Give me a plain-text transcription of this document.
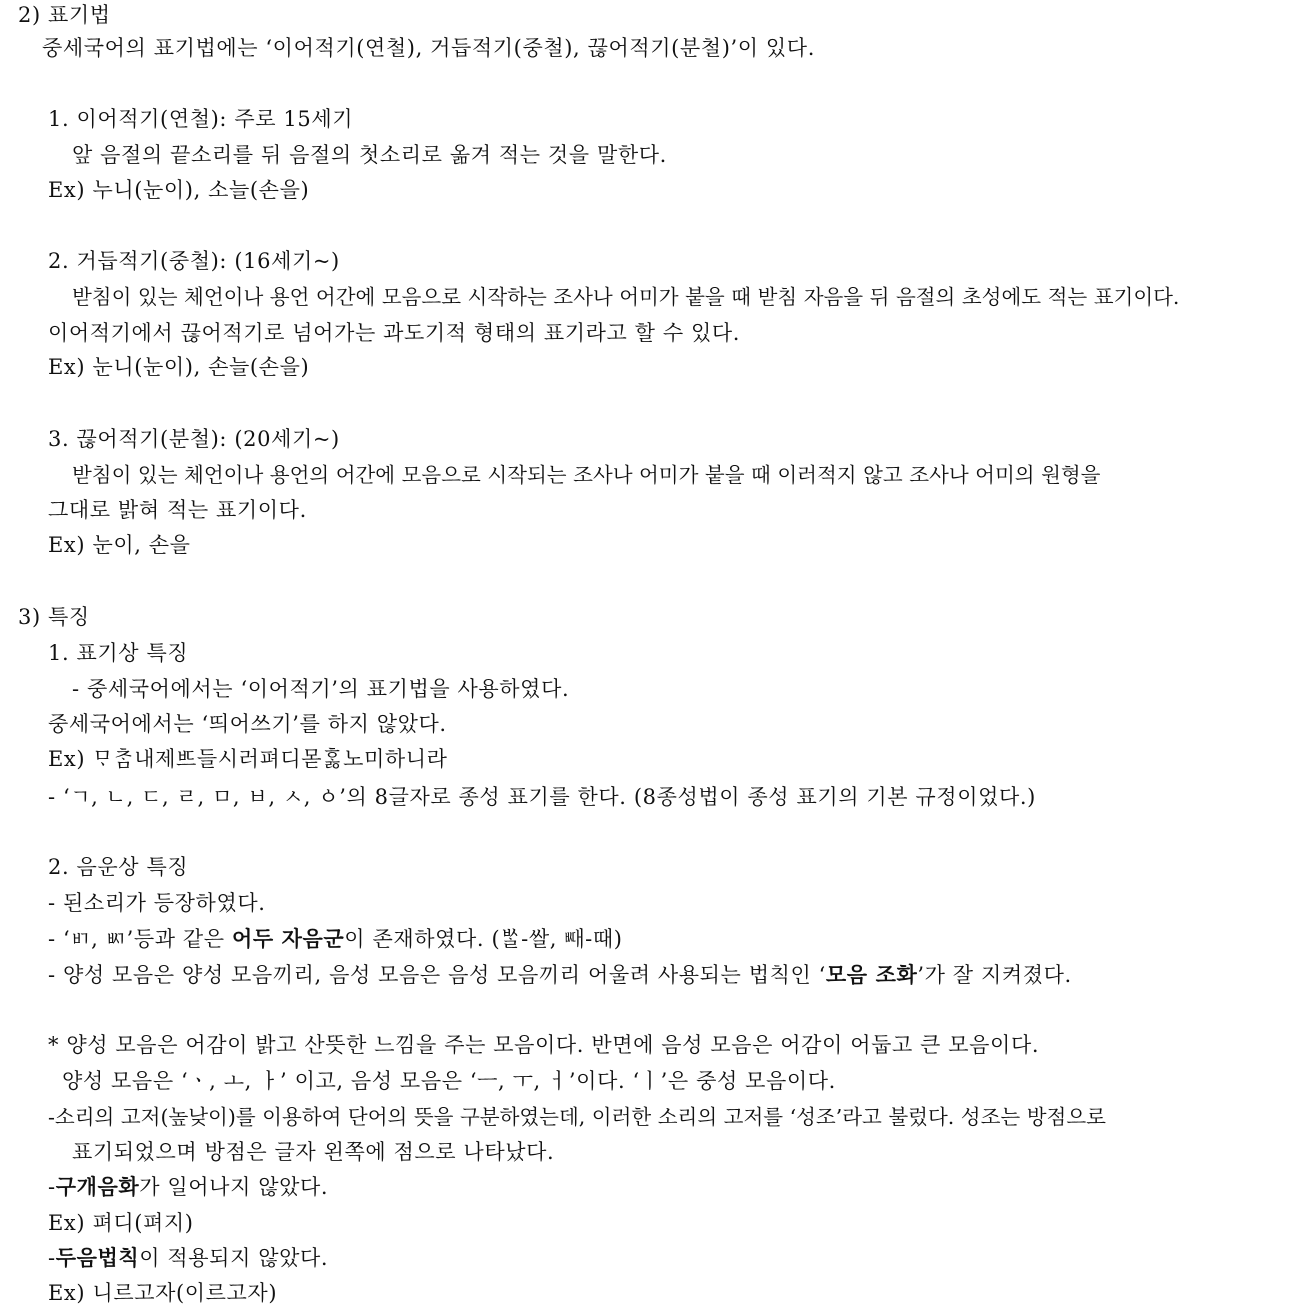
2) 표기법
중세국어의 표기법에는 ‘이어적기(연철), 거듭적기(중철), 끊어적기(분철)’이 있다.
1. 이어적기(연철): 주로 15세기
앞 음절의 끝소리를 뒤 음절의 첫소리로 옮겨 적는 것을 말한다.
Ex) 누니(눈이), 소늘(손을)
2. 거듭적기(중철): (16세기~)
받침이 있는 체언이나 용언 어간에 모음으로 시작하는 조사나 어미가 붙을 때 받침 자음을 뒤 음절의 초성에도 적는 표기이다.
이어적기에서 끊어적기로 넘어가는 과도기적 형태의 표기라고 할 수 있다.
Ex) 눈니(눈이), 손늘(손을)
3. 끊어적기(분철): (20세기~)
받침이 있는 체언이나 용언의 어간에 모음으로 시작되는 조사나 어미가 붙을 때 이러적지 않고 조사나 어미의 원형을
그대로 밝혀 적는 표기이다.
Ex) 눈이, 손을
3) 특징
1. 표기상 특징
- 중세국어에서는 ‘이어적기’의 표기법을 사용하였다.
중세국어에서는 ‘띄어쓰기’를 하지 않았다.
Ex) ᄆᆞᄎᆞᆷ내제ᄠᅳ들시러펴디몯ᄒᆞᇙ노미하니라
- ‘ㄱ, ㄴ, ㄷ, ㄹ, ㅁ, ㅂ, ㅅ, ㆁ’의 8글자로 종성 표기를 한다. (8종성법이 종성 표기의 기본 규정이었다.)
2. 음운상 특징
- 된소리가 등장하였다.
- ‘ㅲ, ㅴ’등과 같은 어두 자음군이 존재하였다. (ᄡᆞᆯ-쌀, ᄣᅢ-때)
- 양성 모음은 양성 모음끼리, 음성 모음은 음성 모음끼리 어울려 사용되는 법칙인 ‘모음 조화’가 잘 지켜졌다.
* 양성 모음은 어감이 밝고 산뜻한 느낌을 주는 모음이다. 반면에 음성 모음은 어감이 어둡고 큰 모음이다.
양성 모음은 ‘ㆍ, ㅗ, ㅏ’ 이고, 음성 모음은 ‘ㅡ, ㅜ, ㅓ’이다. ‘ㅣ’은 중성 모음이다.
-소리의 고저(높낮이)를 이용하여 단어의 뜻을 구분하였는데, 이러한 소리의 고저를 ‘성조’라고 불렀다. 성조는 방점으로
표기되었으며 방점은 글자 왼쪽에 점으로 나타났다.
-구개음화가 일어나지 않았다.
Ex) 펴디(펴지)
-두음법칙이 적용되지 않았다.
Ex) 니르고자(이르고자)
